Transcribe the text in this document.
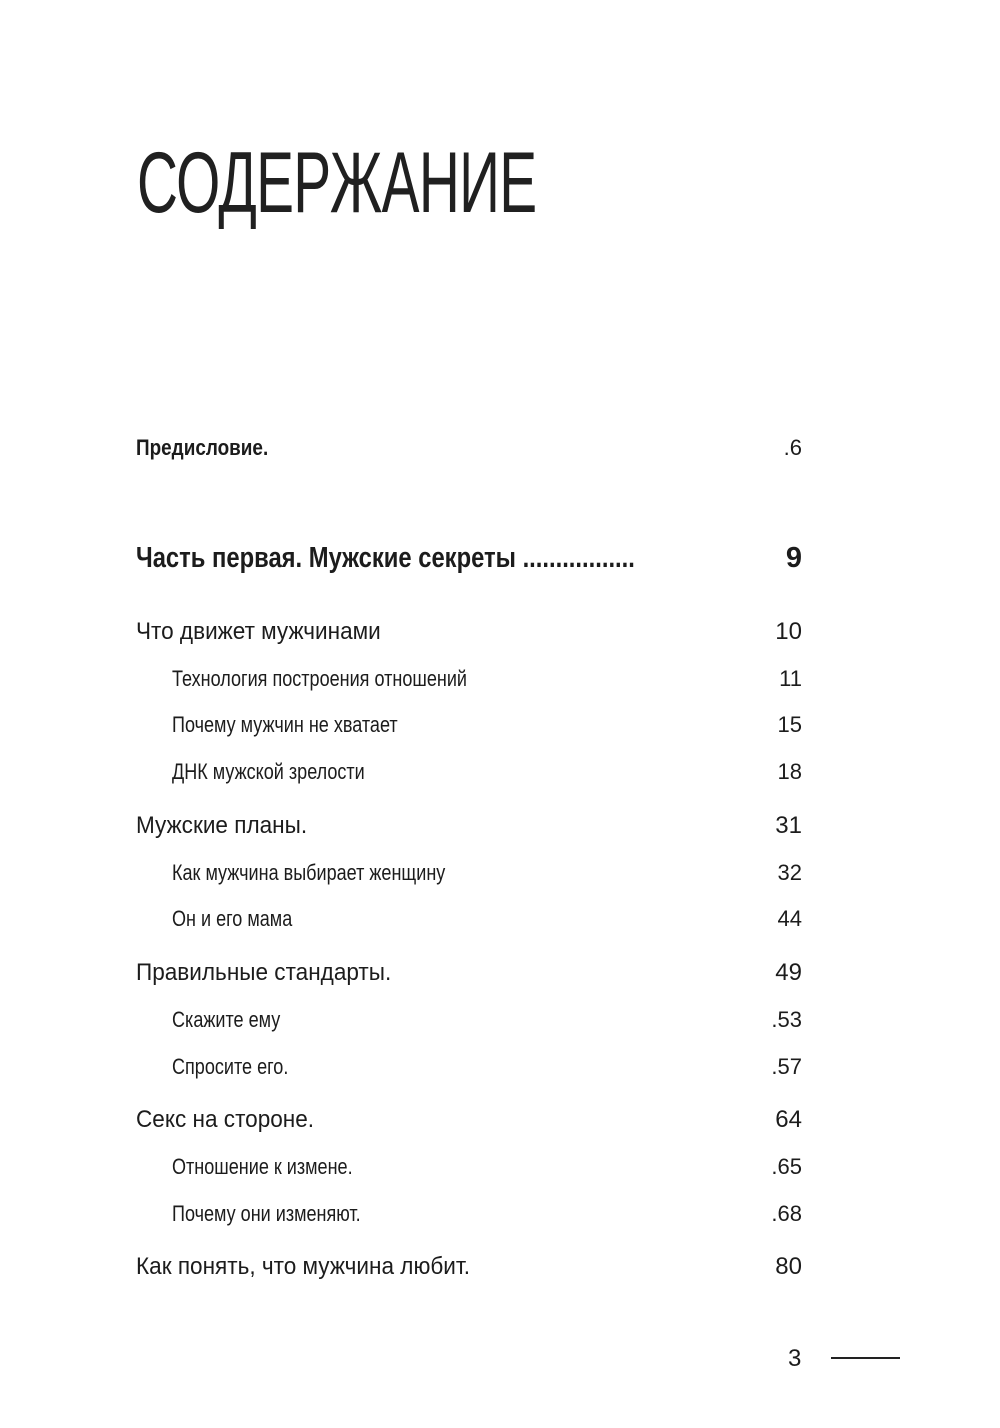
СОДЕРЖАНИЕ
Предисловие.	.6
Часть первая. Мужские секреты .................	9
Что движет мужчинами	10
Технология построения отношений	11
Почему мужчин не хватает	15
ДНК мужской зрелости	18
Мужские планы.	31
Как мужчина выбирает женщину	32
Он и его мама	44
Правильные стандарты.	49
Скажите ему	.53
Спросите его.	.57
Секс на стороне.	64
Отношение к измене.	.65
Почему они изменяют.	.68
Как понять, что мужчина любит.	80
3
